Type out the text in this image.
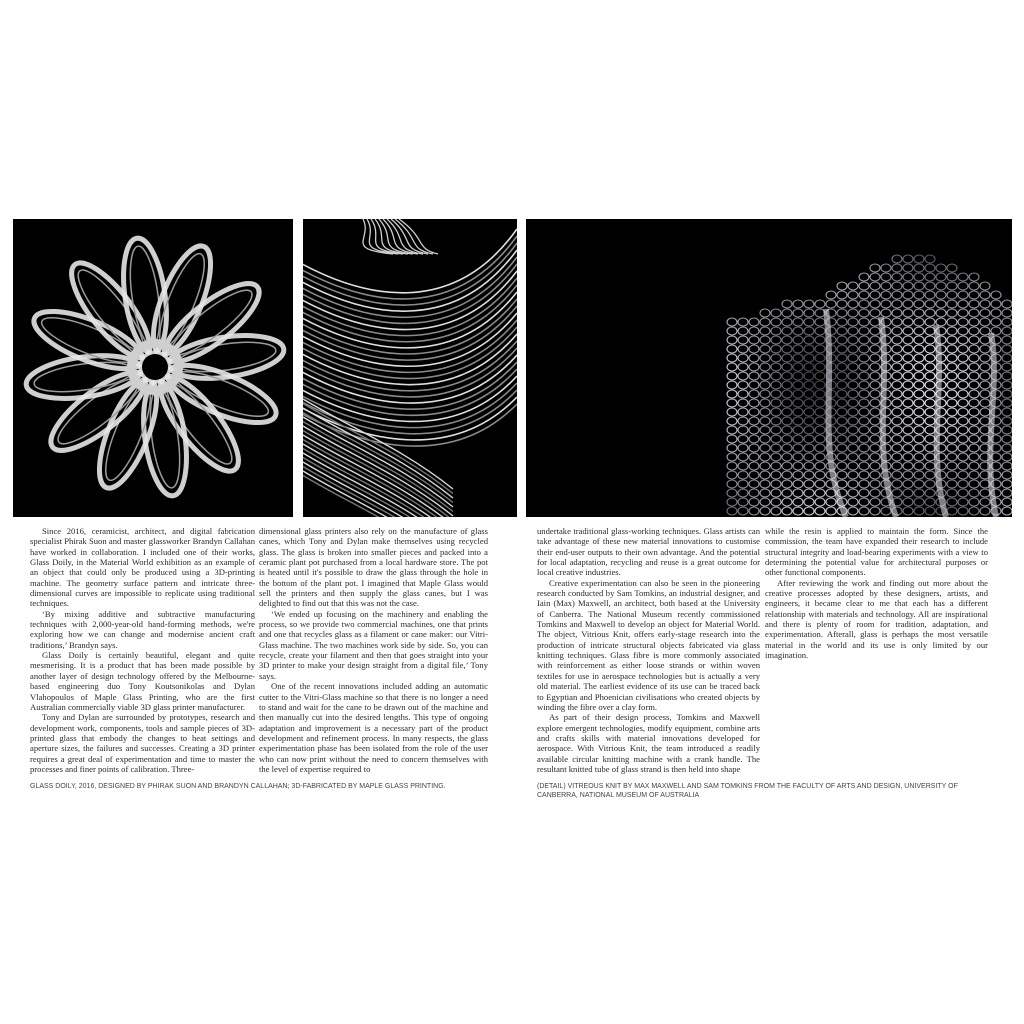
Since 2016, ceramicist, architect, and digital fabrication specialist Phirak Suon and master glassworker Brandyn Callahan have worked in collaboration. I included one of their works, Glass Doily, in the Material World exhibition as an example of an object that could only be produced using a 3D-printing machine. The geometry surface pattern and intricate three-dimensional curves are impossible to replicate using traditional techniques.

‘By mixing additive and subtractive manufacturing techniques with 2,000-year-old hand-forming methods, we're exploring how we can change and modernise ancient craft traditions,’ Brandyn says.

Glass Doily is certainly beautiful, elegant and quite mesmerising. It is a product that has been made possible by another layer of design technology offered by the Melbourne-based engineering duo Tony Koutsonikolas and Dylan Vlahopoulos of Maple Glass Printing, who are the first Australian commercially viable 3D glass printer manufacturer.

Tony and Dylan are surrounded by prototypes, research and development work, components, tools and sample pieces of 3D-printed glass that embody the changes to heat settings and aperture sizes, the failures and successes. Creating a 3D printer requires a great deal of experimentation and time to master the processes and finer points of calibration. Three-

dimensional glass printers also rely on the manufacture of glass canes, which Tony and Dylan make themselves using recycled glass. The glass is broken into smaller pieces and packed into a ceramic plant pot purchased from a local hardware store. The pot is heated until it's possible to draw the glass through the hole in the bottom of the plant pot. I imagined that Maple Glass would sell the printers and then supply the glass canes, but I was delighted to find out that this was not the case.

‘We ended up focusing on the machinery and enabling the process, so we provide two commercial machines, one that prints and one that recycles glass as a filament or cane maker: our Vitri-Glass machine. The two machines work side by side. So, you can recycle, create your filament and then that goes straight into your 3D printer to make your design straight from a digital file,’ Tony says.

One of the recent innovations included adding an automatic cutter to the Vitri-Glass machine so that there is no longer a need to stand and wait for the cane to be drawn out of the machine and then manually cut into the desired lengths. This type of ongoing adaptation and improvement is a necessary part of the product development and refinement process. In many respects, the glass experimentation phase has been isolated from the role of the user who can now print without the need to concern themselves with the level of expertise required to

undertake traditional glass-working techniques. Glass artists can take advantage of these new material innovations to customise their end-user outputs to their own advantage. And the potential for local adaptation, recycling and reuse is a great outcome for local creative industries.

Creative experimentation can also be seen in the pioneering research conducted by Sam Tomkins, an industrial designer, and Iain (Max) Maxwell, an architect, both based at the University of Canberra. The National Museum recently commissioned Tomkins and Maxwell to develop an object for Material World. The object, Vitrious Knit, offers early-stage research into the production of intricate structural objects fabricated via glass knitting techniques. Glass fibre is more commonly associated with reinforcement as either loose strands or within woven textiles for use in aerospace technologies but is actually a very old material. The earliest evidence of its use can be traced back to Egyptian and Phoenician civilisations who created objects by winding the fibre over a clay form.

As part of their design process, Tomkins and Maxwell explore emergent technologies, modify equipment, combine arts and crafts skills with material innovations developed for aerospace. With Vitrious Knit, the team introduced a readily available circular knitting machine with a crank handle. The resultant knitted tube of glass strand is then held into shape

while the resin is applied to maintain the form. Since the commission, the team have expanded their research to include structural integrity and load-bearing experiments with a view to determining the potential value for architectural purposes or other functional components.

After reviewing the work and finding out more about the creative processes adopted by these designers, artists, and engineers, it became clear to me that each has a different relationship with materials and technology. All are inspirational and there is plenty of room for tradition, adaptation, and experimentation. Afterall, glass is perhaps the most versatile material in the world and its use is only limited by our imagination.

GLASS DOILY, 2016, DESIGNED BY PHIRAK SUON AND BRANDYN CALLAHAN; 3D-FABRICATED BY MAPLE GLASS PRINTING.	(DETAIL) VITREOUS KNIT BY MAX MAXWELL AND SAM TOMKINS FROM THE FACULTY OF ARTS AND DESIGN, UNIVERSITY OF CANBERRA, NATIONAL MUSEUM OF AUSTRALIA
